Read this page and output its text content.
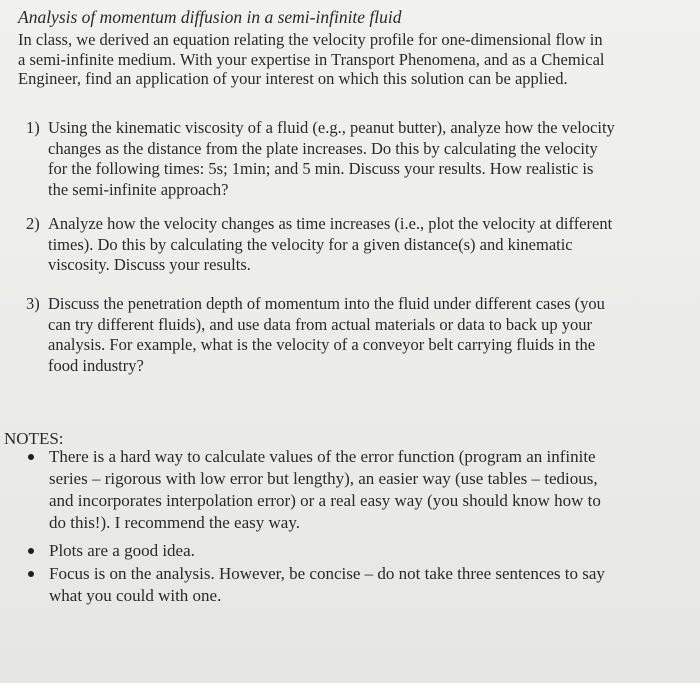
Analysis of momentum diffusion in a semi-infinite fluid
In class, we derived an equation relating the velocity profile for one-dimensional flow in
a semi-infinite medium. With your expertise in Transport Phenomena, and as a Chemical
Engineer, find an application of your interest on which this solution can be applied.
1) Using the kinematic viscosity of a fluid (e.g., peanut butter), analyze how the velocity
changes as the distance from the plate increases. Do this by calculating the velocity
for the following times: 5s; 1min; and 5 min. Discuss your results. How realistic is
the semi-infinite approach?
2) Analyze how the velocity changes as time increases (i.e., plot the velocity at different
times). Do this by calculating the velocity for a given distance(s) and kinematic
viscosity. Discuss your results.
3) Discuss the penetration depth of momentum into the fluid under different cases (you
can try different fluids), and use data from actual materials or data to back up your
analysis. For example, what is the velocity of a conveyor belt carrying fluids in the
food industry?
NOTES:
There is a hard way to calculate values of the error function (program an infinite
series – rigorous with low error but lengthy), an easier way (use tables – tedious,
and incorporates interpolation error) or a real easy way (you should know how to
do this!). I recommend the easy way.
Plots are a good idea.
Focus is on the analysis. However, be concise – do not take three sentences to say
what you could with one.
